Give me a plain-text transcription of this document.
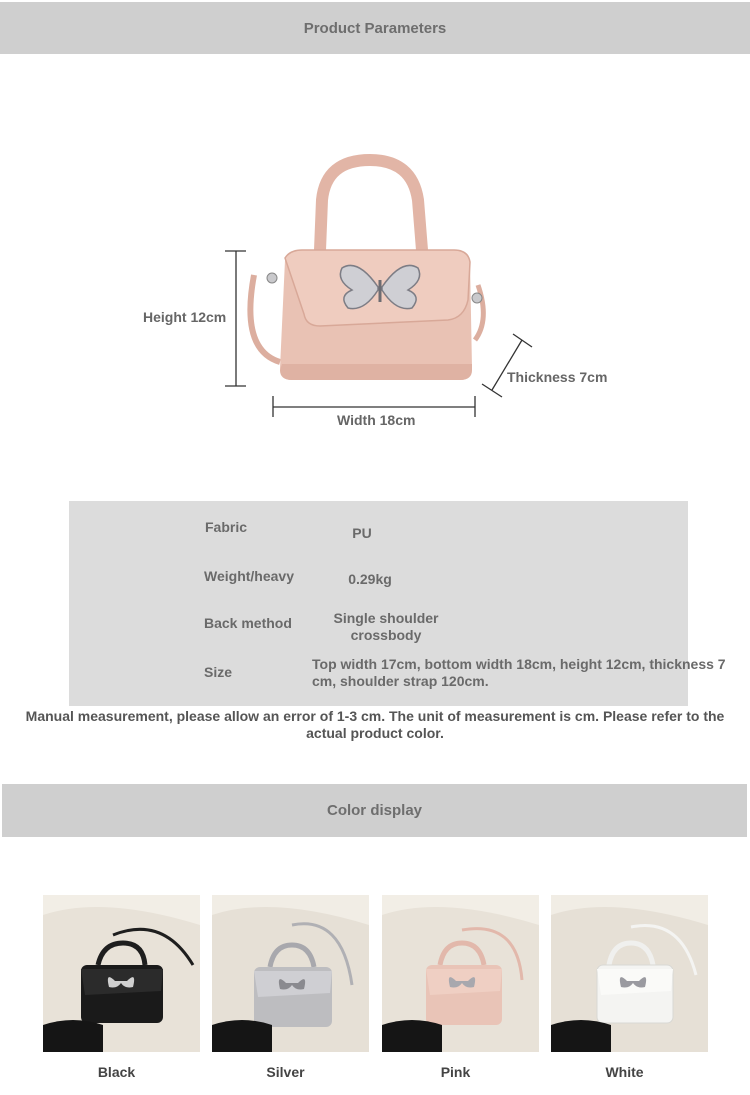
Product Parameters
Height 12cm
Width 18cm
Thickness 7cm
Fabric	PU
Weight/heavy	0.29kg
Back method	Single shoulder
crossbody
Size	Top width 17cm, bottom width 18cm, height 12cm, thickness 7
cm, shoulder strap 120cm.
Manual measurement, please allow an error of 1-3 cm. The unit of measurement is cm. Please refer to the
actual product color.
Color display
Black	Silver	Pink	White
